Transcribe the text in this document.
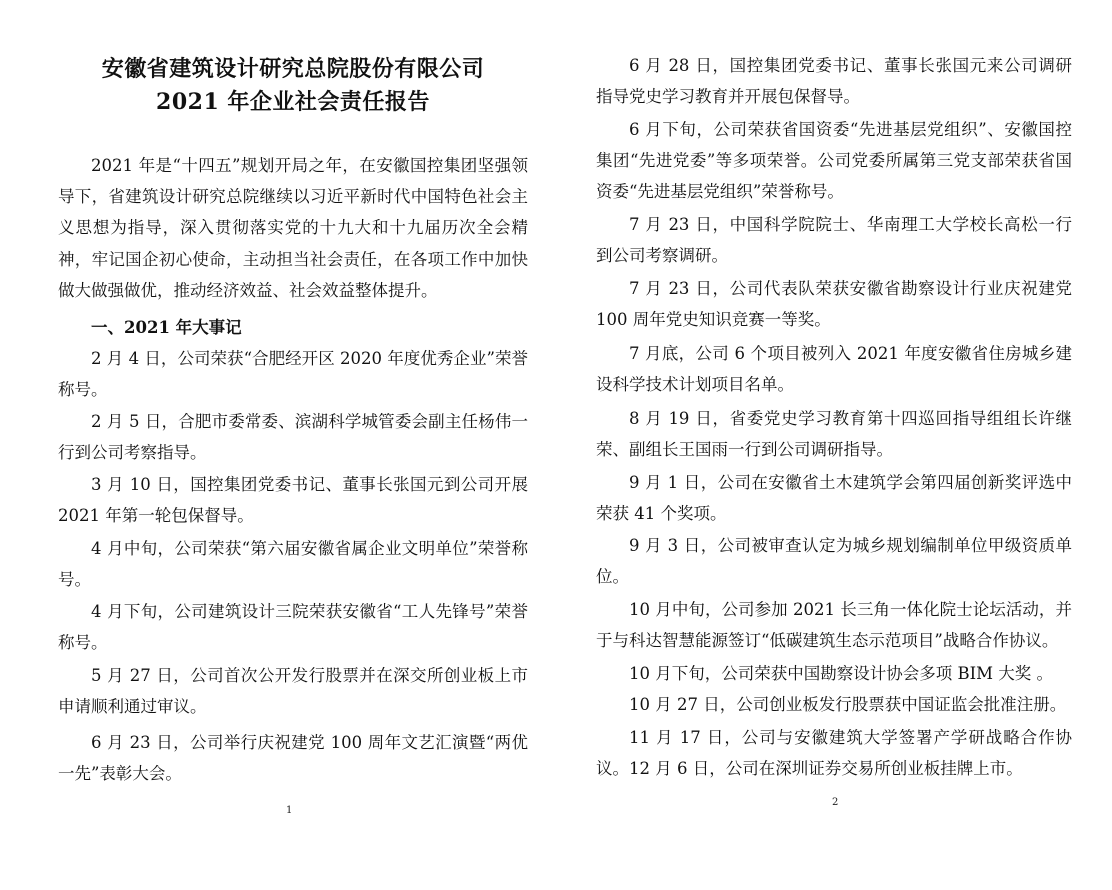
安徽省建筑设计研究总院股份有限公司
2021 年企业社会责任报告
2021 年是“十四五”规划开局之年，在安徽国控集团坚强领导下，省建筑设计研究总院继续以习近平新时代中国特色社会主义思想为指导，深入贯彻落实党的十九大和十九届历次全会精神，牢记国企初心使命，主动担当社会责任，在各项工作中加快做大做强做优，推动经济效益、社会效益整体提升。
一、2021 年大事记
2 月 4 日，公司荣获“合肥经开区 2020 年度优秀企业”荣誉称号。
2 月 5 日，合肥市委常委、滨湖科学城管委会副主任杨伟一行到公司考察指导。
3 月 10 日，国控集团党委书记、董事长张国元到公司开展 2021 年第一轮包保督导。
4 月中旬，公司荣获“第六届安徽省属企业文明单位”荣誉称号。
4 月下旬，公司建筑设计三院荣获安徽省“工人先锋号”荣誉称号。
5 月 27 日，公司首次公开发行股票并在深交所创业板上市申请顺利通过审议。
6 月 23 日，公司举行庆祝建党 100 周年文艺汇演暨“两优一先”表彰大会。
1
6 月 28 日，国控集团党委书记、董事长张国元来公司调研指导党史学习教育并开展包保督导。
6 月下旬，公司荣获省国资委“先进基层党组织”、安徽国控集团“先进党委”等多项荣誉。公司党委所属第三党支部荣获省国资委“先进基层党组织”荣誉称号。
7 月 23 日，中国科学院院士、华南理工大学校长高松一行到公司考察调研。
7 月 23 日，公司代表队荣获安徽省勘察设计行业庆祝建党 100 周年党史知识竞赛一等奖。
7 月底，公司 6 个项目被列入 2021 年度安徽省住房城乡建设科学技术计划项目名单。
8 月 19 日，省委党史学习教育第十四巡回指导组组长许继荣、副组长王国雨一行到公司调研指导。
9 月 1 日，公司在安徽省土木建筑学会第四届创新奖评选中荣获 41 个奖项。
9 月 3 日，公司被审查认定为城乡规划编制单位甲级资质单位。
10 月中旬，公司参加 2021 长三角一体化院士论坛活动，并于与科达智慧能源签订“低碳建筑生态示范项目”战略合作协议。
10 月下旬，公司荣获中国勘察设计协会多项 BIM 大奖 。
10 月 27 日，公司创业板发行股票获中国证监会批准注册。
11 月 17 日，公司与安徽建筑大学签署产学研战略合作协议。 12 月 6 日，公司在深圳证券交易所创业板挂牌上市。
2
